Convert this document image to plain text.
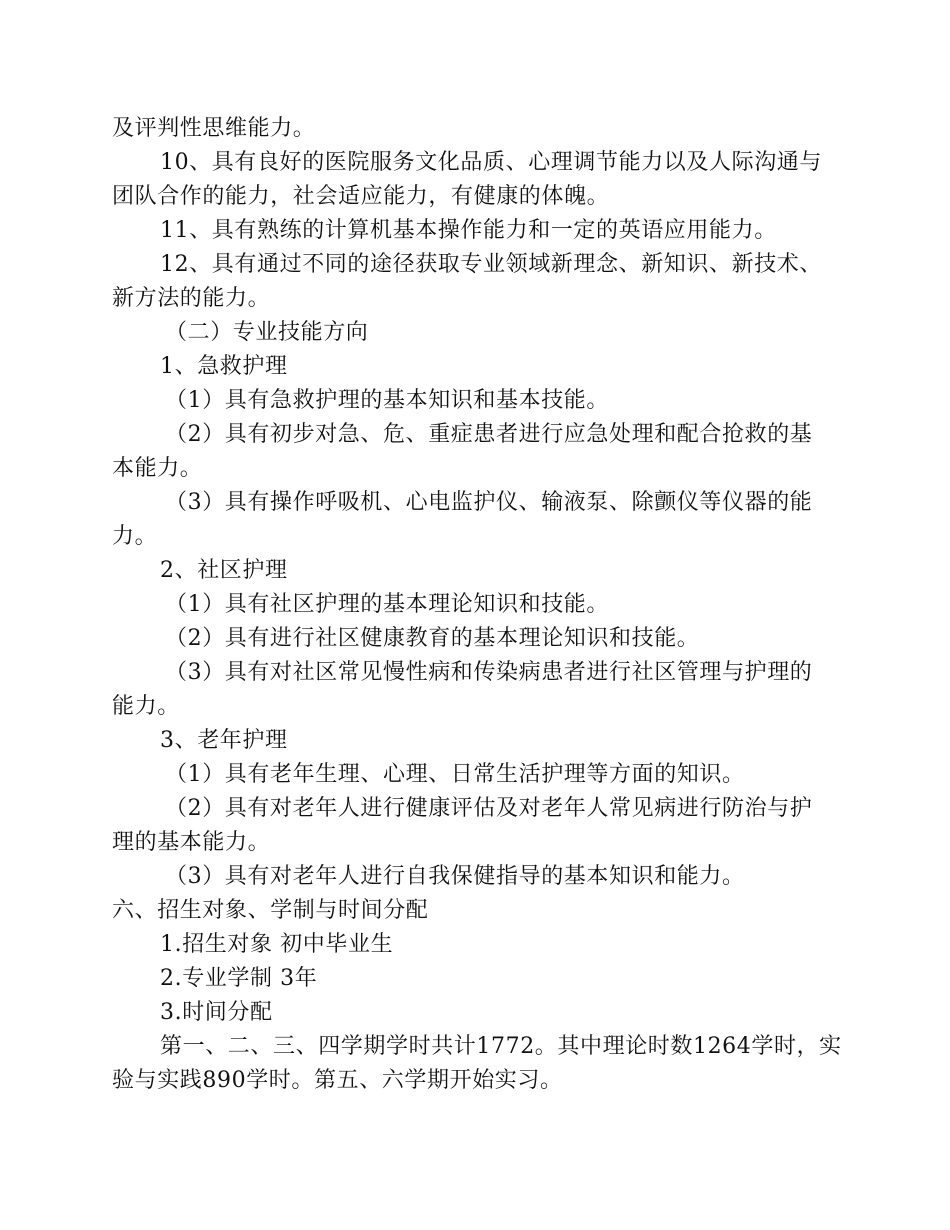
及评判性思维能力。
10、具有良好的医院服务文化品质、心理调节能力以及人际沟通与
团队合作的能力，社会适应能力，有健康的体魄。
11、具有熟练的计算机基本操作能力和一定的英语应用能力。
12、具有通过不同的途径获取专业领域新理念、新知识、新技术、
新方法的能力。
（二）专业技能方向
1、急救护理
（1）具有急救护理的基本知识和基本技能。
（2）具有初步对急、危、重症患者进行应急处理和配合抢救的基
本能力。
（3）具有操作呼吸机、心电监护仪、输液泵、除颤仪等仪器的能
力。
2、社区护理
（1）具有社区护理的基本理论知识和技能。
（2）具有进行社区健康教育的基本理论知识和技能。
（3）具有对社区常见慢性病和传染病患者进行社区管理与护理的
能力。
3、老年护理
（1）具有老年生理、心理、日常生活护理等方面的知识。
（2）具有对老年人进行健康评估及对老年人常见病进行防治与护
理的基本能力。
（3）具有对老年人进行自我保健指导的基本知识和能力。
六、招生对象、学制与时间分配
1.招生对象 初中毕业生
2.专业学制 3年
3.时间分配
第一、二、三、四学期学时共计1772。其中理论时数1264学时，实
验与实践890学时。第五、六学期开始实习。
